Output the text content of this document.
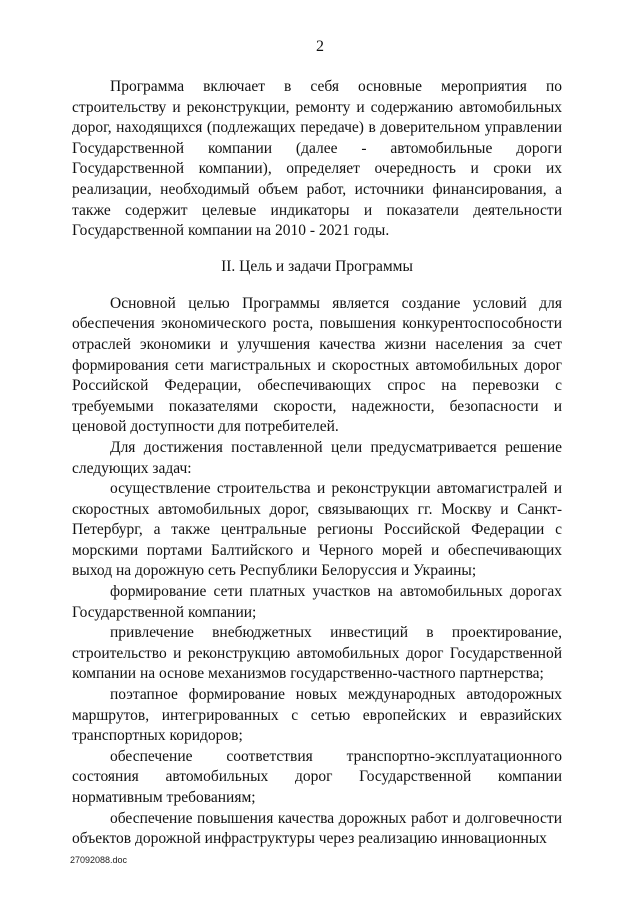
2

Программа включает в себя основные мероприятия по строительству и реконструкции, ремонту и содержанию автомобильных дорог, находящихся (подлежащих передаче) в доверительном управлении Государственной компании (далее - автомобильные дороги Государственной компании), определяет очередность и сроки их реализации, необходимый объем работ, источники финансирования, а также содержит целевые индикаторы и показатели деятельности Государственной компании на 2010 - 2021 годы.

II. Цель и задачи Программы

Основной целью Программы является создание условий для обеспечения экономического роста, повышения конкурентоспособности отраслей экономики и улучшения качества жизни населения за счет формирования сети магистральных и скоростных автомобильных дорог Российской Федерации, обеспечивающих спрос на перевозки с требуемыми показателями скорости, надежности, безопасности и ценовой доступности для потребителей.

Для достижения поставленной цели предусматривается решение следующих задач:

осуществление строительства и реконструкции автомагистралей и скоростных автомобильных дорог, связывающих гг. Москву и Санкт-Петербург, а также центральные регионы Российской Федерации с морскими портами Балтийского и Черного морей и обеспечивающих выход на дорожную сеть Республики Белоруссия и Украины;

формирование сети платных участков на автомобильных дорогах Государственной компании;

привлечение внебюджетных инвестиций в проектирование, строительство и реконструкцию автомобильных дорог Государственной компании на основе механизмов государственно-частного партнерства;

поэтапное формирование новых международных автодорожных маршрутов, интегрированных с сетью европейских и евразийских транспортных коридоров;

обеспечение соответствия транспортно-эксплуатационного состояния автомобильных дорог Государственной компании нормативным требованиям;

обеспечение повышения качества дорожных работ и долговечности объектов дорожной инфраструктуры через реализацию инновационных

27092088.doc
